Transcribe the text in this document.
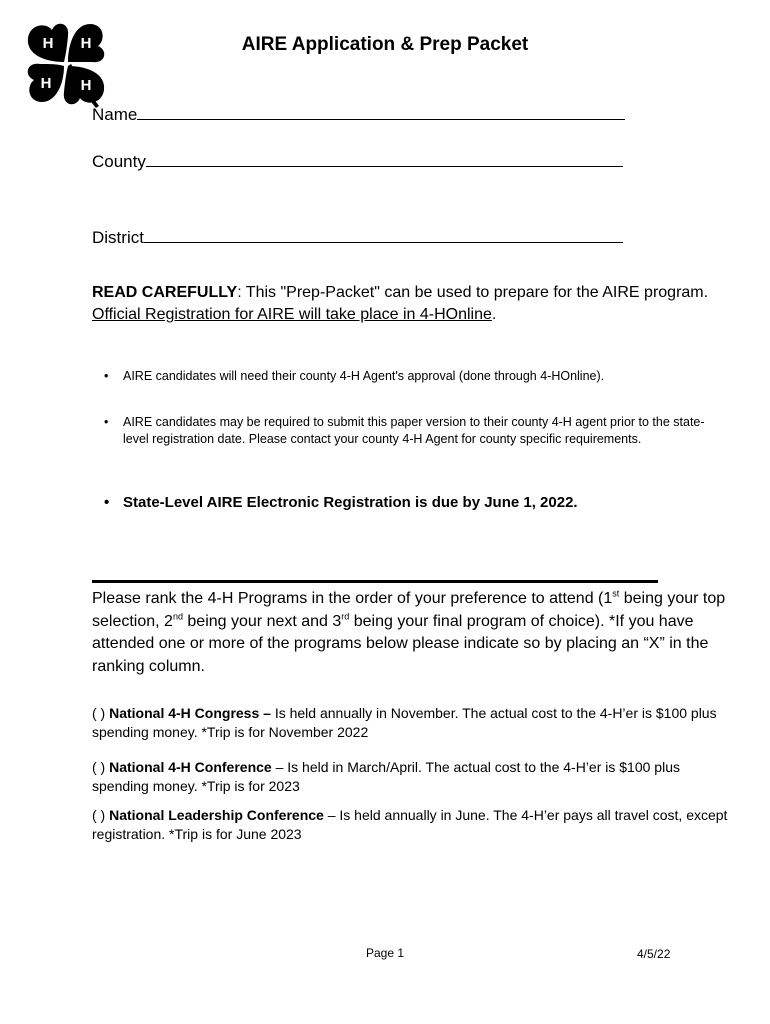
H H
H H
AIRE Application & Prep Packet
Name
County
District
READ CAREFULLY: This "Prep-Packet" can be used to prepare for the AIRE program. Official Registration for AIRE will take place in 4-HOnline.
•	AIRE candidates will need their county 4-H Agent's approval (done through 4-HOnline).
•	AIRE candidates may be required to submit this paper version to their county 4-H agent prior to the state-level registration date. Please contact your county 4-H Agent for county specific requirements.
• State-Level AIRE Electronic Registration is due by June 1, 2022.
Please rank the 4-H Programs in the order of your preference to attend (1st being your top selection, 2nd being your next and 3rd being your final program of choice). *If you have attended one or more of the programs below please indicate so by placing an “X” in the ranking column.
( ) National 4-H Congress – Is held annually in November. The actual cost to the 4-H’er is $100 plus spending money. *Trip is for November 2022
( ) National 4-H Conference – Is held in March/April. The actual cost to the 4-H’er is $100 plus spending money. *Trip is for 2023
( ) National Leadership Conference – Is held annually in June. The 4-H’er pays all travel cost, except registration. *Trip is for June 2023
Page 1	4/5/22
